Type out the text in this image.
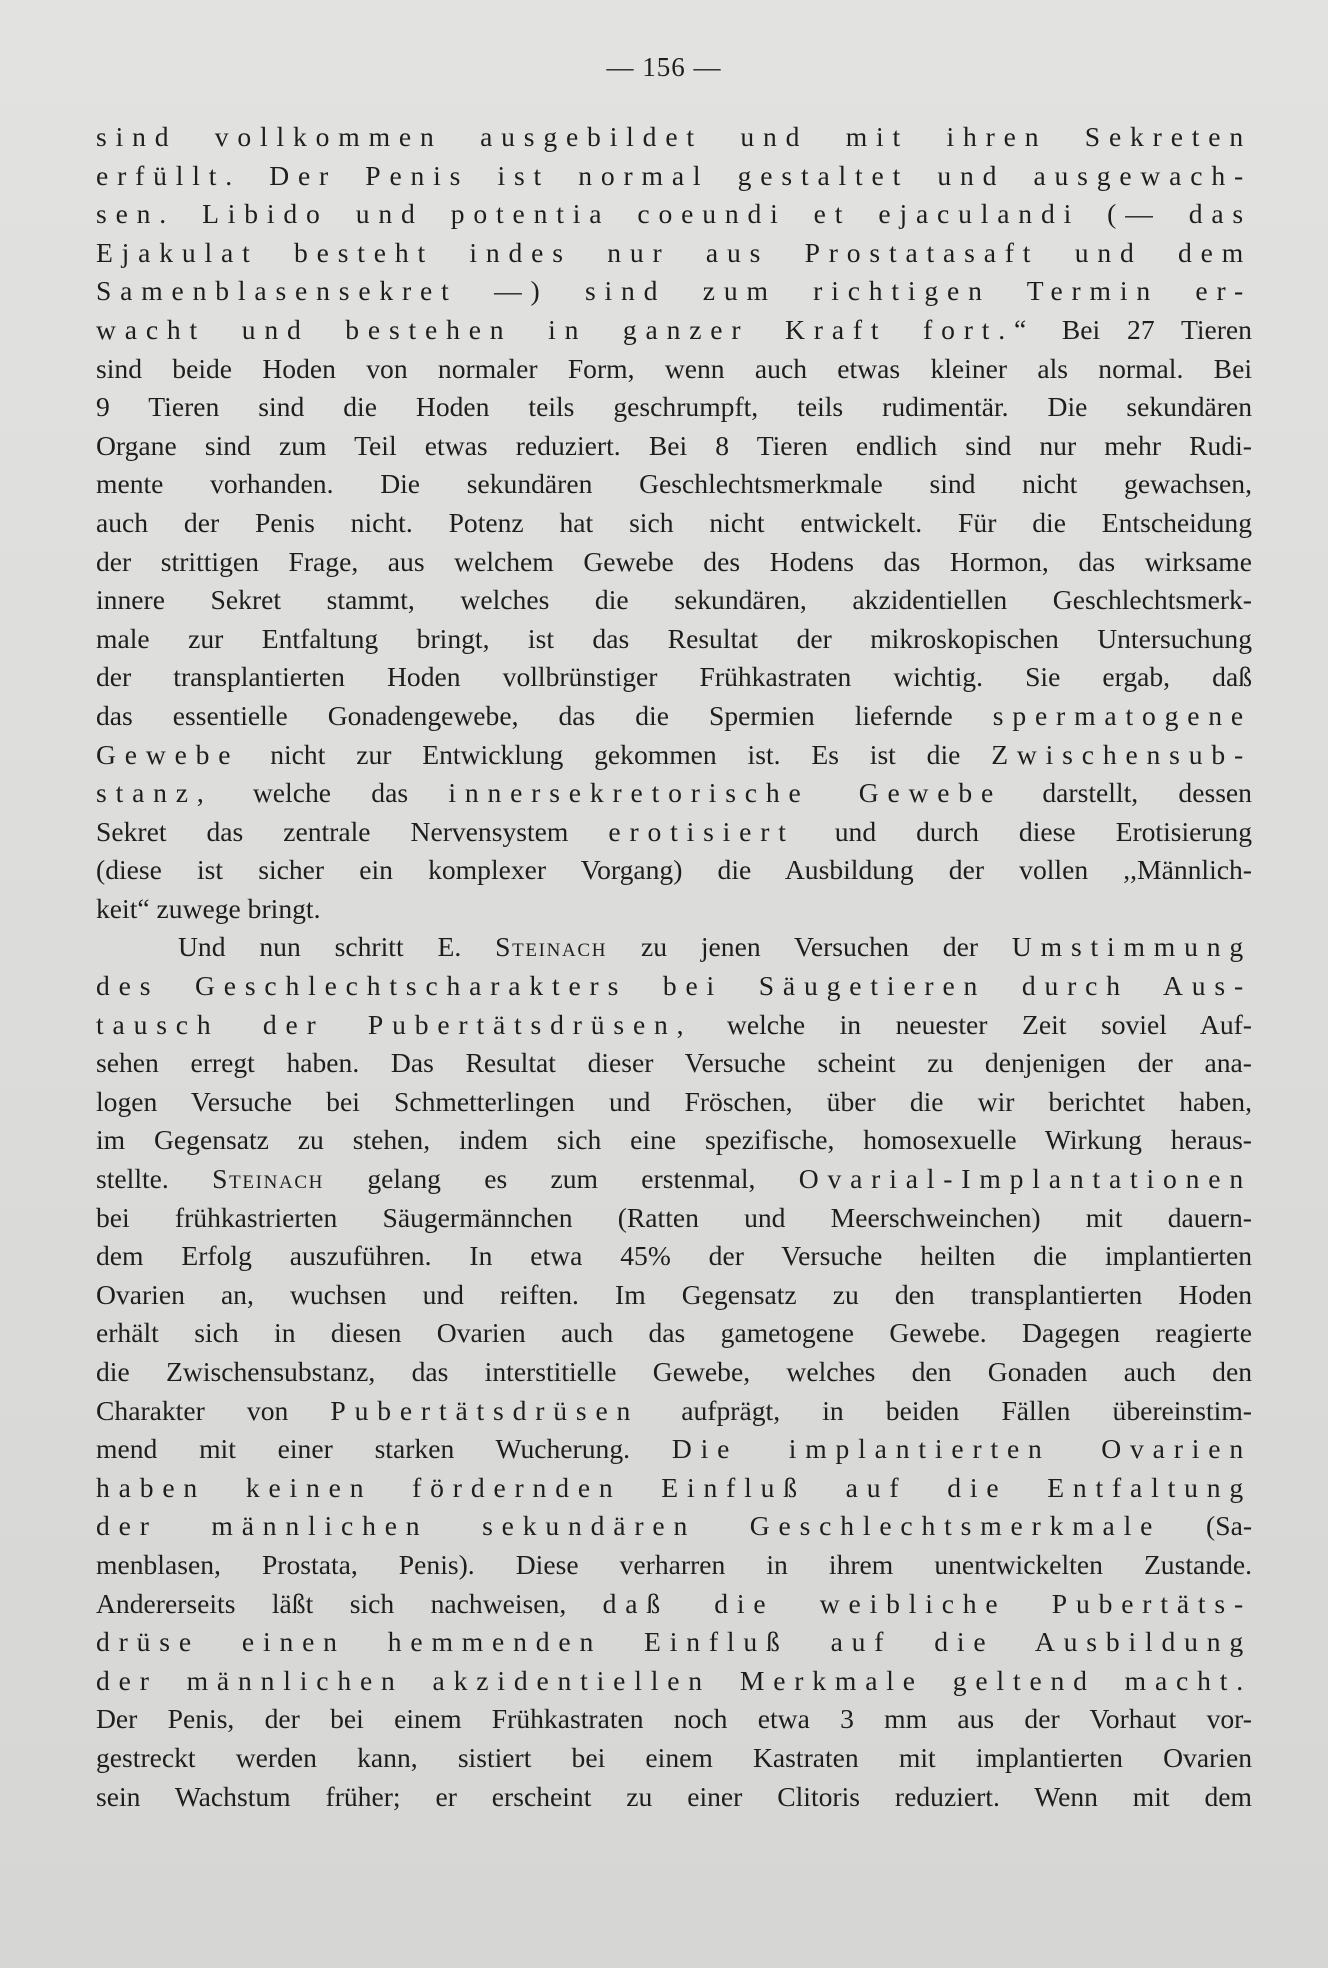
— 156 —
sind vollkommen ausgebildet und mit ihren Sekreten
erfüllt. Der Penis ist normal gestaltet und ausgewach-
sen. Libido und potentia coeundi et ejaculandi (— das
Ejakulat besteht indes nur aus Prostatasaft und dem
Samenblasensekret —) sind zum richtigen Termin er-
wacht und bestehen in ganzer Kraft fort.“ Bei 27 Tieren
sind beide Hoden von normaler Form, wenn auch etwas kleiner als normal. Bei
9 Tieren sind die Hoden teils geschrumpft, teils rudimentär. Die sekundären
Organe sind zum Teil etwas reduziert. Bei 8 Tieren endlich sind nur mehr Rudi-
mente vorhanden. Die sekundären Geschlechtsmerkmale sind nicht gewachsen,
auch der Penis nicht. Potenz hat sich nicht entwickelt. Für die Entscheidung
der strittigen Frage, aus welchem Gewebe des Hodens das Hormon, das wirksame
innere Sekret stammt, welches die sekundären, akzidentiellen Geschlechtsmerk-
male zur Entfaltung bringt, ist das Resultat der mikroskopischen Untersuchung
der transplantierten Hoden vollbrünstiger Frühkastraten wichtig. Sie ergab, daß
das essentielle Gonadengewebe, das die Spermien liefernde spermatogene
Gewebe nicht zur Entwicklung gekommen ist. Es ist die Zwischensub-
stanz, welche das innersekretorische Gewebe darstellt, dessen
Sekret das zentrale Nervensystem erotisiert und durch diese Erotisierung
(diese ist sicher ein komplexer Vorgang) die Ausbildung der vollen ,,Männlich-
keit“ zuwege bringt.
Und nun schritt E. Steinach zu jenen Versuchen der Umstimmung
des Geschlechtscharakters bei Säugetieren durch Aus-
tausch der Pubertätsdrüsen, welche in neuester Zeit soviel Auf-
sehen erregt haben. Das Resultat dieser Versuche scheint zu denjenigen der ana-
logen Versuche bei Schmetterlingen und Fröschen, über die wir berichtet haben,
im Gegensatz zu stehen, indem sich eine spezifische, homosexuelle Wirkung heraus-
stellte. Steinach gelang es zum erstenmal, Ovarial-Implantationen
bei frühkastrierten Säugermännchen (Ratten und Meerschweinchen) mit dauern-
dem Erfolg auszuführen. In etwa 45% der Versuche heilten die implantierten
Ovarien an, wuchsen und reiften. Im Gegensatz zu den transplantierten Hoden
erhält sich in diesen Ovarien auch das gametogene Gewebe. Dagegen reagierte
die Zwischensubstanz, das interstitielle Gewebe, welches den Gonaden auch den
Charakter von Pubertätsdrüsen aufprägt, in beiden Fällen übereinstim-
mend mit einer starken Wucherung. Die implantierten Ovarien
haben keinen fördernden Einfluß auf die Entfaltung
der männlichen sekundären Geschlechtsmerkmale (Sa-
menblasen, Prostata, Penis). Diese verharren in ihrem unentwickelten Zustande.
Andererseits läßt sich nachweisen, daß die weibliche Pubertäts-
drüse einen hemmenden Einfluß auf die Ausbildung
der männlichen akzidentiellen Merkmale geltend macht.
Der Penis, der bei einem Frühkastraten noch etwa 3 mm aus der Vorhaut vor-
gestreckt werden kann, sistiert bei einem Kastraten mit implantierten Ovarien
sein Wachstum früher; er erscheint zu einer Clitoris reduziert. Wenn mit dem
